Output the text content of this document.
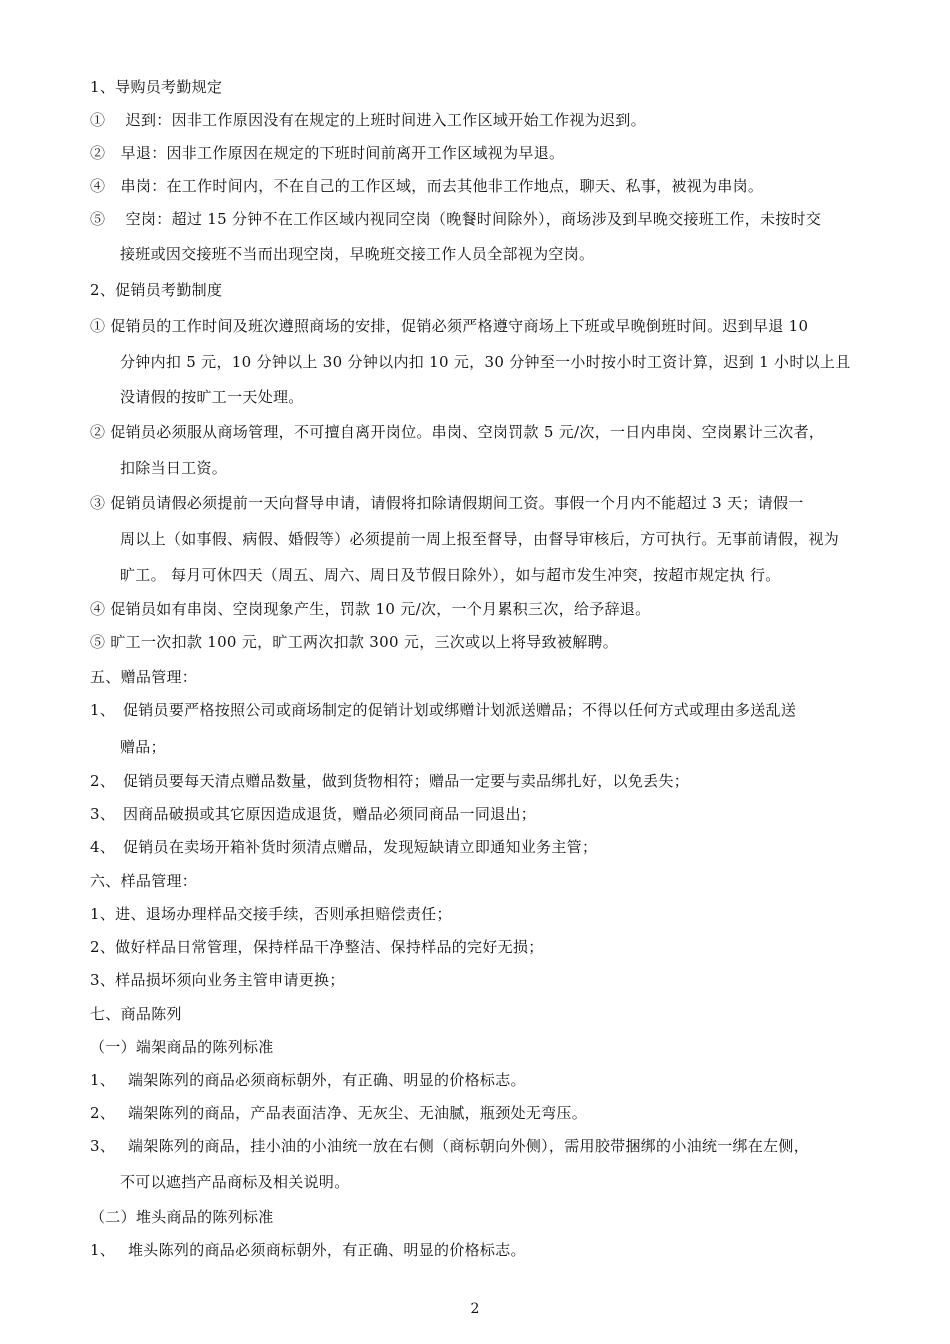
1、导购员考勤规定
①　 迟到：因非工作原因没有在规定的上班时间进入工作区域开始工作视为迟到。
②　早退：因非工作原因在规定的下班时间前离开工作区域视为早退。
④　串岗：在工作时间内，不在自己的工作区域，而去其他非工作地点，聊天、私事，被视为串岗。
⑤　 空岗：超过 15 分钟不在工作区域内视同空岗（晚餐时间除外），商场涉及到早晚交接班工作，未按时交
接班或因交接班不当而出现空岗，早晚班交接工作人员全部视为空岗。
2、促销员考勤制度
① 促销员的工作时间及班次遵照商场的安排，促销必须严格遵守商场上下班或早晚倒班时间。迟到早退 10
分钟内扣 5 元，10 分钟以上 30 分钟以内扣 10 元，30 分钟至一小时按小时工资计算，迟到 1 小时以上且
没请假的按旷工一天处理。
② 促销员必须服从商场管理，不可擅自离开岗位。串岗、空岗罚款 5 元/次，一日内串岗、空岗累计三次者，
扣除当日工资。
③ 促销员请假必须提前一天向督导申请，请假将扣除请假期间工资。事假一个月内不能超过 3 天；请假一
周以上（如事假、病假、婚假等）必须提前一周上报至督导，由督导审核后，方可执行。无事前请假，视为
旷工。 每月可休四天（周五、周六、周日及节假日除外），如与超市发生冲突，按超市规定执 行。
④ 促销员如有串岗、空岗现象产生，罚款 10 元/次，一个月累积三次，给予辞退。
⑤ 旷工一次扣款 100 元，旷工两次扣款 300 元，三次或以上将导致被解聘。
五、赠品管理：
1、　促销员要严格按照公司或商场制定的促销计划或绑赠计划派送赠品；不得以任何方式或理由多送乱送
赠品；
2、　促销员要每天清点赠品数量，做到货物相符；赠品一定要与卖品绑扎好，以免丢失；
3、　因商品破损或其它原因造成退货，赠品必须同商品一同退出；
4、　促销员在卖场开箱补货时须清点赠品，发现短缺请立即通知业务主管；
六、样品管理：
1、进、退场办理样品交接手续，否则承担赔偿责任；
2、做好样品日常管理，保持样品干净整洁、保持样品的完好无损；
3、样品损坏须向业务主管申请更换；
七、商品陈列
（一）端架商品的陈列标准
1、　 端架陈列的商品必须商标朝外，有正确、明显的价格标志。
2、　 端架陈列的商品，产品表面洁净、无灰尘、无油腻，瓶颈处无弯压。
3、　 端架陈列的商品，挂小油的小油统一放在右侧（商标朝向外侧），需用胶带捆绑的小油统一绑在左侧，
不可以遮挡产品商标及相关说明。
（二）堆头商品的陈列标准
1、　 堆头陈列的商品必须商标朝外，有正确、明显的价格标志。
2
